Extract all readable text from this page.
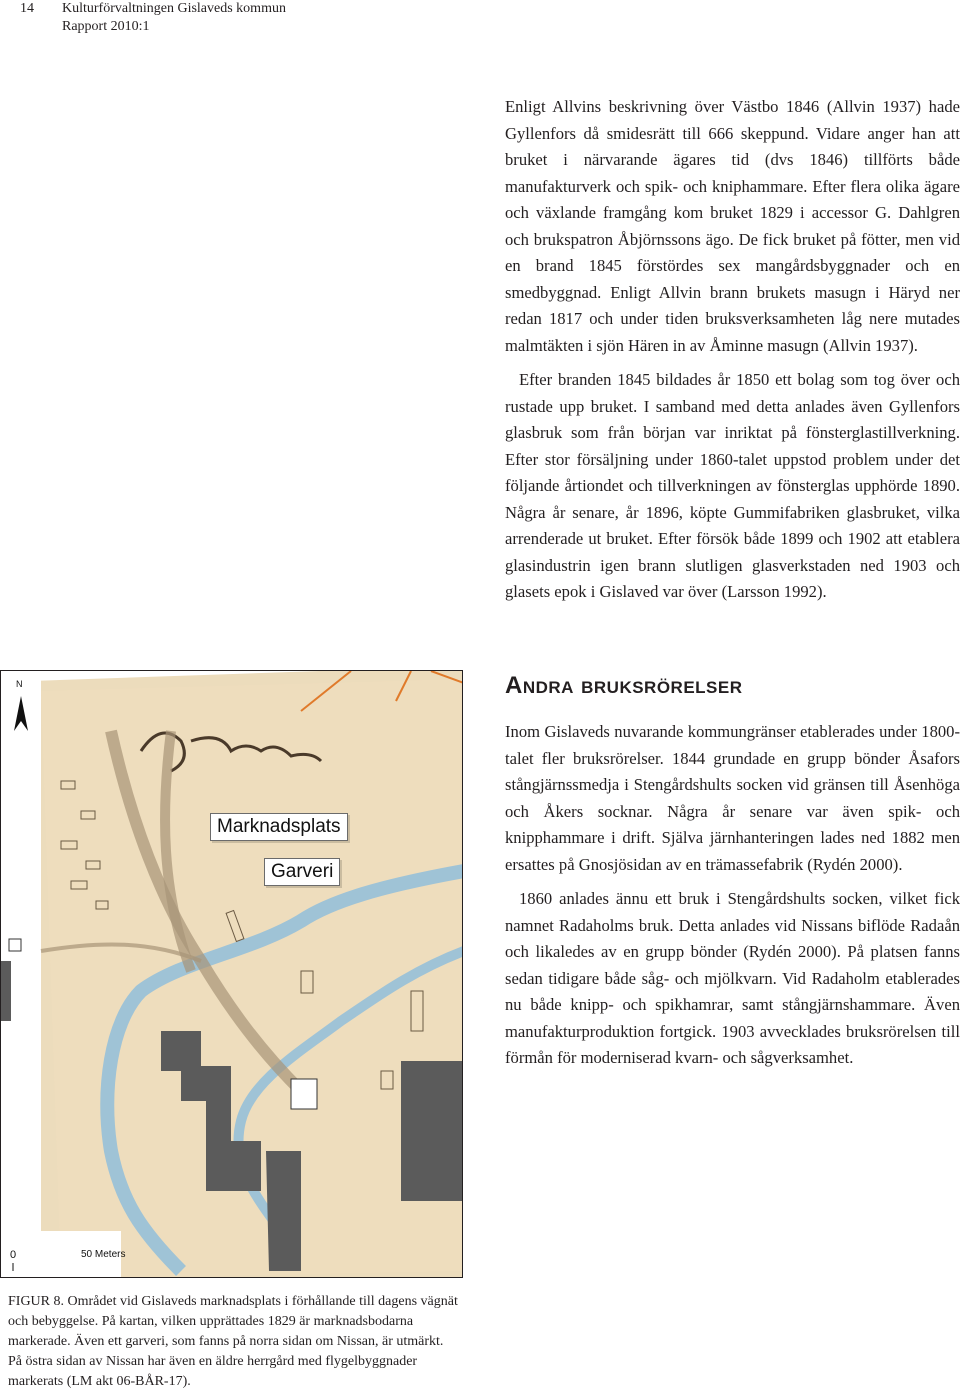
14 Kulturförvaltningen Gislaveds kommun
Rapport 2010:1

Enligt Allvins beskrivning över Västbo 1846 (Allvin 1937) hade Gyllenfors då smidesrätt till 666 skeppund. Vidare anger han att bruket i närvarande ägares tid (dvs 1846) tillförts både manufakturverk och spik- och kniphammare. Efter flera olika ägare och växlande framgång kom bruket 1829 i accessor G. Dahlgren och brukspatron Åbjörnssons ägo. De fick bruket på fötter, men vid en brand 1845 förstördes sex mangårdsbyggnader och en smedbyggnad. Enligt Allvin brann brukets masugn i Häryd ner redan 1817 och under tiden bruksverksamheten låg nere mutades malmtäkten i sjön Hären in av Åminne masugn (Allvin 1937).

Efter branden 1845 bildades år 1850 ett bolag som tog över och rustade upp bruket. I samband med detta anlades även Gyllenfors glasbruk som från början var inriktat på fönsterglastillverkning. Efter stor försäljning under 1860-talet uppstod problem under det följande årtiondet och tillverkningen av fönsterglas upphörde 1890. Några år senare, år 1896, köpte Gummifabriken glasbruket, vilka arrenderade ut bruket. Efter försök både 1899 och 1902 att etablera glasindustrin igen brann slutligen glasverkstaden ned 1903 och glasets epok i Gislaved var över (Larsson 1992).

Andra bruksrörelser

Inom Gislaveds nuvarande kommungränser etablerades under 1800-talet fler bruksrörelser. 1844 grundade en grupp bönder Åsafors stångjärnssmedja i Stengårdshults socken vid gränsen till Åsenhöga och Åkers socknar. Några år senare var även spik- och knipphammare i drift. Själva järnhanteringen lades ned 1882 men ersattes på Gnosjösidan av en trämassefabrik (Rydén 2000).

1860 anlades ännu ett bruk i Stengårdshults socken, vilket fick namnet Radaholms bruk. Detta anlades vid Nissans biflöde Radaån och likaledes av en grupp bönder (Rydén 2000). På platsen fanns sedan tidigare både såg- och mjölkvarn. Vid Radaholm etablerades nu både knipp- och spikhamrar, samt stångjärnshammare. Även manufakturproduktion fortgick. 1903 avvecklades bruksrörelsen till förmån för moderniserad kvarn- och sågverksamhet.

N
Marknadsplats
Garveri
0	50 Meters
FIGUR 8. Området vid Gislaveds marknadsplats i förhållande till dagens vägnät och bebyggelse. På kartan, vilken upprättades 1829 är marknadsbodarna markerade. Även ett garveri, som fanns på norra sidan om Nissan, är utmärkt. På östra sidan av Nissan har även en äldre herrgård med flygelbyggnader markerats (LM akt 06-BÅR-17).
